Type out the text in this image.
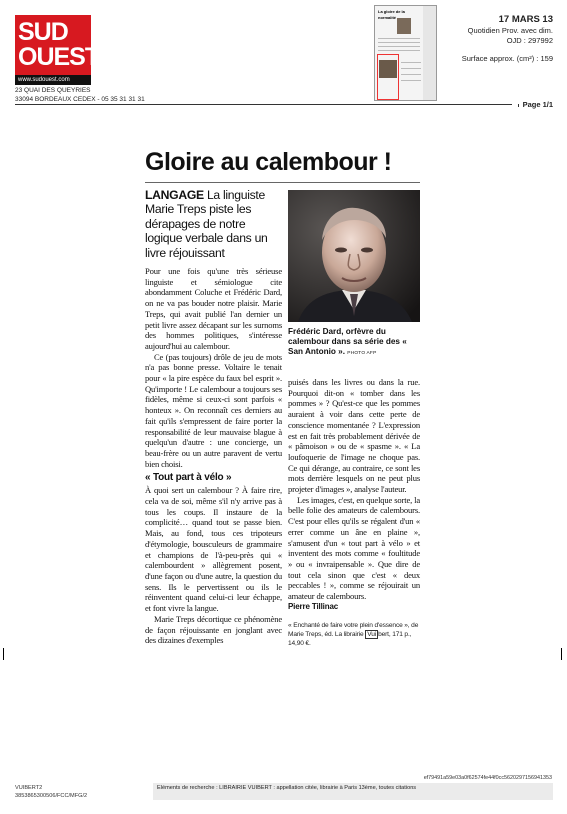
SUD
OUEST
www.sudouest.com
23 QUAI DES QUEYRIES
33094 BORDEAUX CEDEX - 05 35 31 31 31
La gloire de la normalité	17 MARS 13
Quotidien Prov. avec dim.
OJD : 297992
Surface approx. (cm²) : 159
Page 1/1
Gloire au calembour !
LANGAGE La linguiste Marie Treps piste les dérapages de notre logique verbale dans un livre réjouissant

Pour une fois qu'une très sérieuse linguiste et sémiologue cite abondamment Coluche et Frédéric Dard, on ne va pas bouder notre plaisir. Marie Treps, qui avait publié l'an dernier un petit livre assez décapant sur les surnoms des hommes politiques, s'intéresse aujourd'hui au calembour.

Ce (pas toujours) drôle de jeu de mots n'a pas bonne presse. Voltaire le tenait pour « la pire espèce du faux bel esprit ». Qu'importe ! Le calembour a toujours ses fidèles, même si ceux-ci sont parfois « honteux ». On reconnaît ces derniers au fait qu'ils s'empressent de faire porter la responsabilité de leur mauvaise blague à quelqu'un d'autre : une concierge, un beau-frère ou un autre paravent de vertu bien choisi.

« Tout part à vélo »

À quoi sert un calembour ? À faire rire, cela va de soi, même s'il n'y arrive pas à tous les coups. Il instaure de la complicité… quand tout se passe bien. Mais, au fond, tous ces tripoteurs d'étymologie, bousculeurs de grammaire et champions de l'à-peu-près qui « calembourdent » allègrement posent, d'une façon ou d'une autre, la question du sens. Ils le pervertissent ou ils le réinventent quand celui-ci leur échappe, et font vivre la langue.

Marie Treps décortique ce phénomène de façon réjouissante en jonglant avec des dizaines d'exemples

Frédéric Dard, orfèvre du calembour dans sa série des « San Antonio ». PHOTO AFP

puisés dans les livres ou dans la rue. Pourquoi dit-on « tomber dans les pommes » ? Qu'est-ce que les pommes auraient à voir dans cette perte de conscience momentanée ? L'expression est en fait très probablement dérivée de « pâmoison » ou de « spasme ». « La loufoquerie de l'image ne choque pas. Ce qui dérange, au contraire, ce sont les mots derrière lesquels on ne peut plus projeter d'images », analyse l'auteur.

Les images, c'est, en quelque sorte, la belle folie des amateurs de calembours. C'est pour elles qu'ils se régalent d'un « errer comme un âne en plaine », s'amusent d'un « tout part à vélo » et inventent des mots comme « foultitude » ou « invraipensable ». Que dire de tout cela sinon que c'est « deux peccables ! », comme se réjouirait un amateur de calembours.

Pierre Tillinac
« Enchanté de faire votre plein d'essence », de Marie Treps, éd. La librairie Vui bert, 171 p., 14,90 €.
ef79491a59e03a0f62574fe44f0cc5620297156941353
VUIBERT2
3853865300506/FCC/MFG/2
Eléments de recherche : LIBRAIRIE VUIBERT : appellation citée, librairie à Paris 13ème, toutes citations
